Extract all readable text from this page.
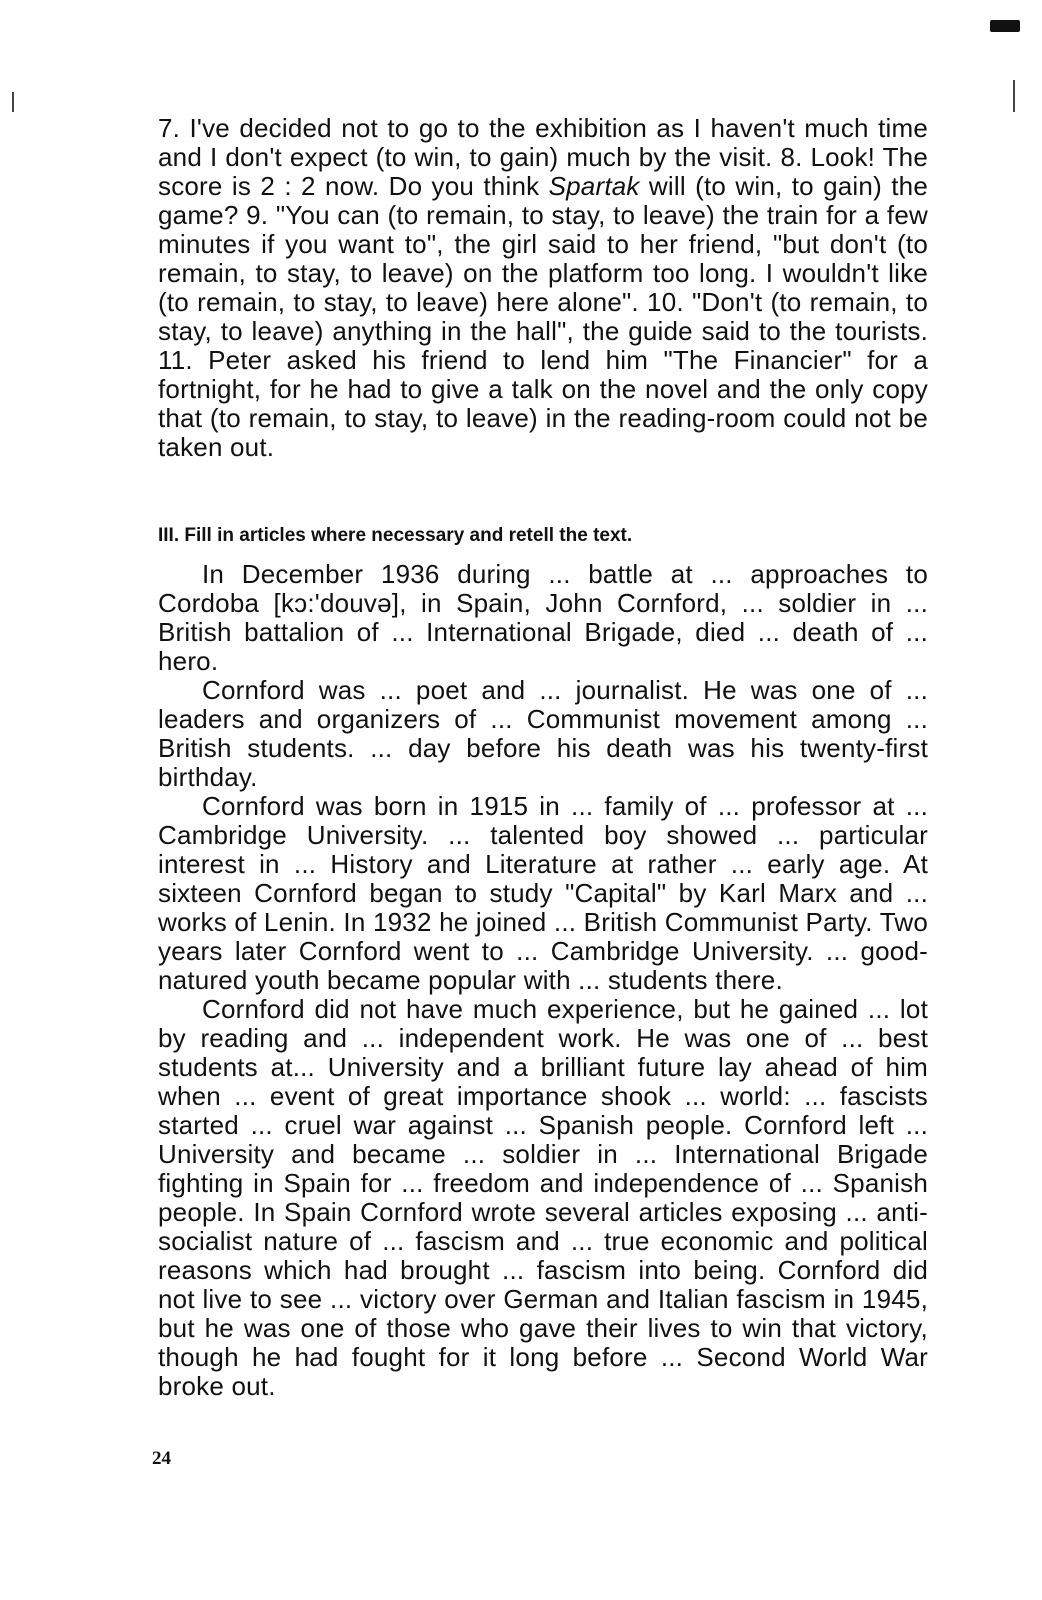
7. I've decided not to go to the exhibition as I haven't much time and I don't expect (to win, to gain) much by the visit. 8. Look! The score is 2 : 2 now. Do you think Spartak will (to win, to gain) the game? 9. "You can (to remain, to stay, to leave) the train for a few minutes if you want to", the girl said to her friend, "but don't (to remain, to stay, to leave) on the platform too long. I wouldn't like (to remain, to stay, to leave) here alone". 10. "Don't (to remain, to stay, to leave) anything in the hall", the guide said to the tourists. 11. Peter asked his friend to lend him "The Financier" for a fortnight, for he had to give a talk on the novel and the only copy that (to remain, to stay, to leave) in the reading-room could not be taken out.

III. Fill in articles where necessary and retell the text.

In December 1936 during ... battle at ... approaches to Cordoba [kɔ:'douvə], in Spain, John Cornford, ... soldier in ... British battalion of ... International Brigade, died ... death of ... hero.

Cornford was ... poet and ... journalist. He was one of ... leaders and organizers of ... Communist movement among ... British students. ... day before his death was his twenty-first birthday.

Cornford was born in 1915 in ... family of ... professor at ... Cambridge University. ... talented boy showed ... particular interest in ... History and Literature at rather ... early age. At sixteen Cornford began to study "Capital" by Karl Marx and ... works of Lenin. In 1932 he joined ... British Communist Party. Two years later Cornford went to ... Cambridge University. ... good-natured youth became popular with ... students there.

Cornford did not have much experience, but he gained ... lot by reading and ... independent work. He was one of ... best students at... University and a brilliant future lay ahead of him when ... event of great importance shook ... world: ... fascists started ... cruel war against ... Spanish people. Cornford left ... University and became ... soldier in ... International Brigade fighting in Spain for ... freedom and independence of ... Spanish people. In Spain Cornford wrote several articles exposing ... anti-socialist nature of ... fascism and ... true economic and political reasons which had brought ... fascism into being. Cornford did not live to see ... victory over German and Italian fascism in 1945, but he was one of those who gave their lives to win that victory, though he had fought for it long before ... Second World War broke out.

24
